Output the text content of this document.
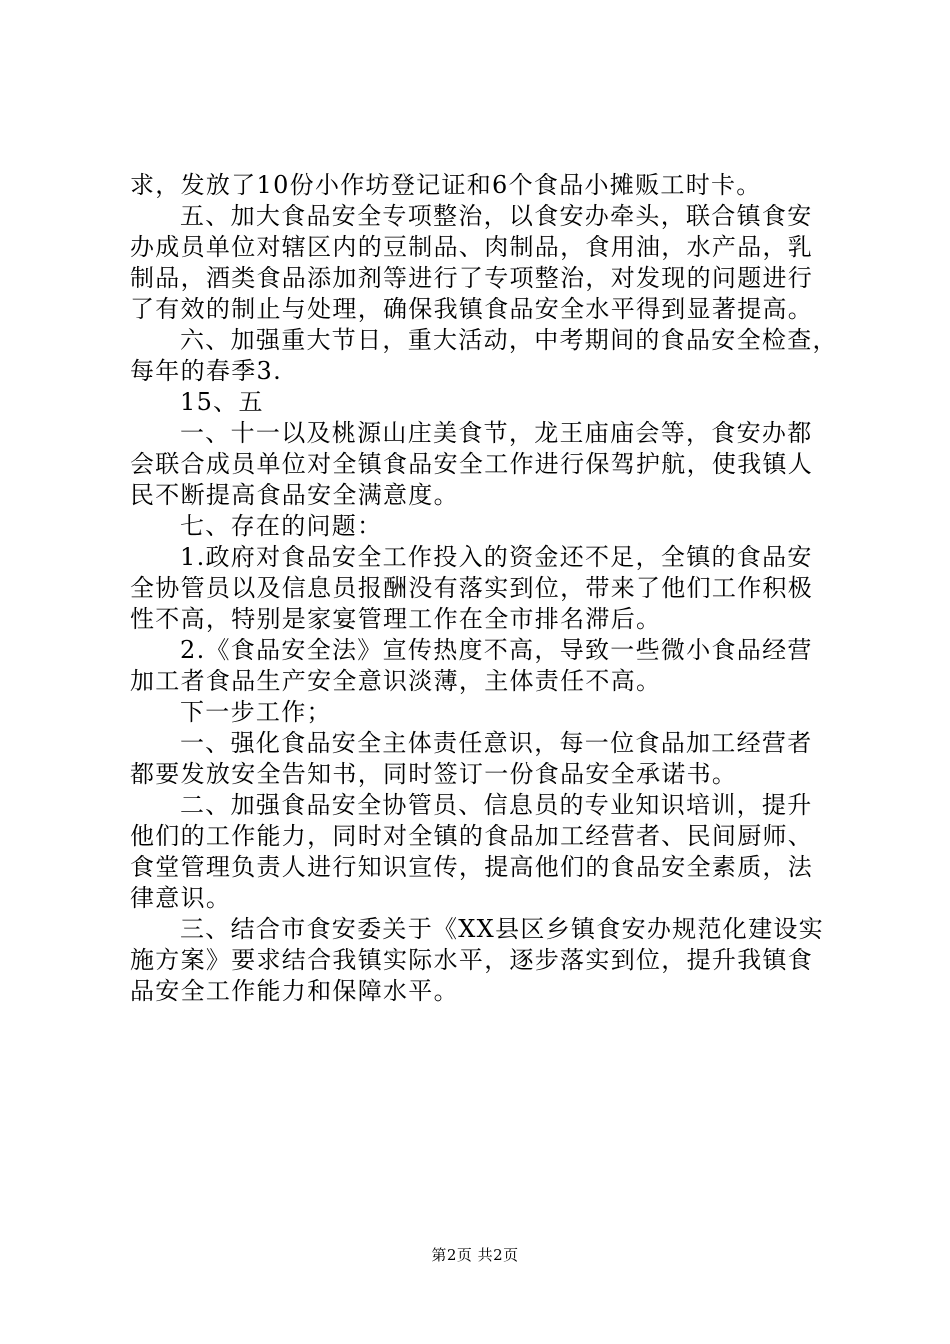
求，发放了10份小作坊登记证和6个食品小摊贩工时卡。
五、加大食品安全专项整治，以食安办牵头，联合镇食安
办成员单位对辖区内的豆制品、肉制品，食用油，水产品，乳
制品，酒类食品添加剂等进行了专项整治，对发现的问题进行
了有效的制止与处理，确保我镇食品安全水平得到显著提高。
六、加强重大节日，重大活动，中考期间的食品安全检查，
每年的春季3.
15、五
一、十一以及桃源山庄美食节，龙王庙庙会等，食安办都
会联合成员单位对全镇食品安全工作进行保驾护航，使我镇人
民不断提高食品安全满意度。
七、存在的问题：
1.政府对食品安全工作投入的资金还不足，全镇的食品安
全协管员以及信息员报酬没有落实到位，带来了他们工作积极
性不高，特别是家宴管理工作在全市排名滞后。
2.《食品安全法》宣传热度不高，导致一些微小食品经营
加工者食品生产安全意识淡薄，主体责任不高。
下一步工作；
一、强化食品安全主体责任意识，每一位食品加工经营者
都要发放安全告知书，同时签订一份食品安全承诺书。
二、加强食品安全协管员、信息员的专业知识培训，提升
他们的工作能力，同时对全镇的食品加工经营者、民间厨师、
食堂管理负责人进行知识宣传，提高他们的食品安全素质，法
律意识。
三、结合市食安委关于《XX县区乡镇食安办规范化建设实
施方案》要求结合我镇实际水平，逐步落实到位，提升我镇食
品安全工作能力和保障水平。
第2页 共2页
